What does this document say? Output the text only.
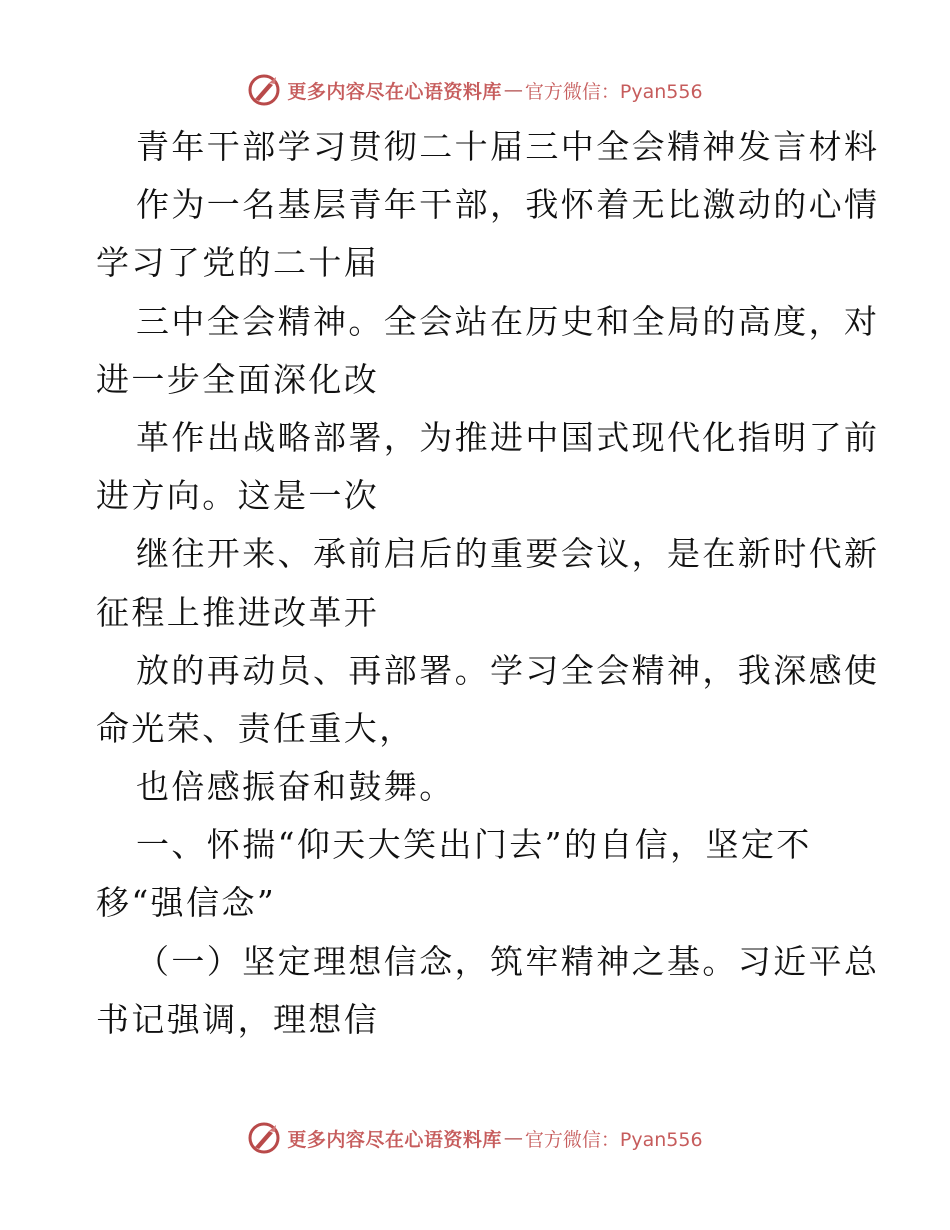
更多内容尽在心语资料库 — 官方微信：Pyan556
青年干部学习贯彻二十届三中全会精神发言材料
作为一名基层青年干部，我怀着无比激动的心情
学习了党的二十届
三中全会精神。全会站在历史和全局的高度，对
进一步全面深化改
革作出战略部署，为推进中国式现代化指明了前
进方向。这是一次
继往开来、承前启后的重要会议，是在新时代新
征程上推进改革开
放的再动员、再部署。学习全会精神，我深感使
命光荣、责任重大，
也倍感振奋和鼓舞。
一、怀揣“仰天大笑出门去”的自信，坚定不
移“强信念”
（一）坚定理想信念，筑牢精神之基。习近平总
书记强调，理想信
更多内容尽在心语资料库 — 官方微信：Pyan556
